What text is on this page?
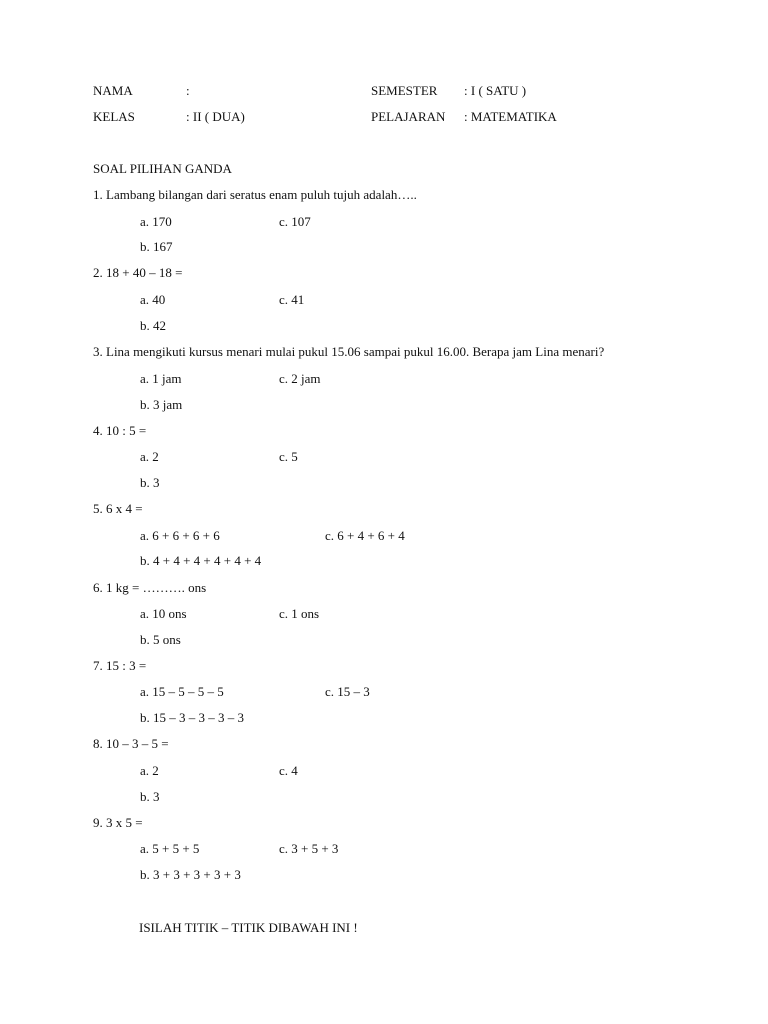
NAMA	:	SEMESTER : I ( SATU )
KELAS	: II ( DUA)	PELAJARAN : MATEMATIKA
SOAL PILIHAN GANDA
1. Lambang bilangan dari seratus enam puluh tujuh adalah…..
a. 170	c. 107
b. 167
2. 18 + 40 – 18 =
a. 40	c. 41
b. 42
3. Lina mengikuti kursus menari mulai pukul 15.06 sampai pukul 16.00. Berapa jam Lina menari?
a. 1 jam	c. 2 jam
b. 3 jam
4. 10 : 5 =
a. 2	c. 5
b. 3
5. 6 x 4 =
a. 6 + 6 + 6 + 6	c. 6 + 4 + 6 + 4
b. 4 + 4 + 4 + 4 + 4 + 4
6. 1 kg = ………. ons
a. 10 ons	c. 1 ons
b. 5 ons
7. 15 : 3 =
a. 15 – 5 – 5 – 5	c. 15 – 3
b. 15 – 3 – 3 – 3 – 3
8. 10 – 3 – 5 =
a. 2	c. 4
b. 3
9. 3 x 5 =
a. 5 + 5 + 5	c. 3 + 5 + 3
b. 3 + 3 + 3 + 3 + 3
ISILAH TITIK – TITIK DIBAWAH INI !
